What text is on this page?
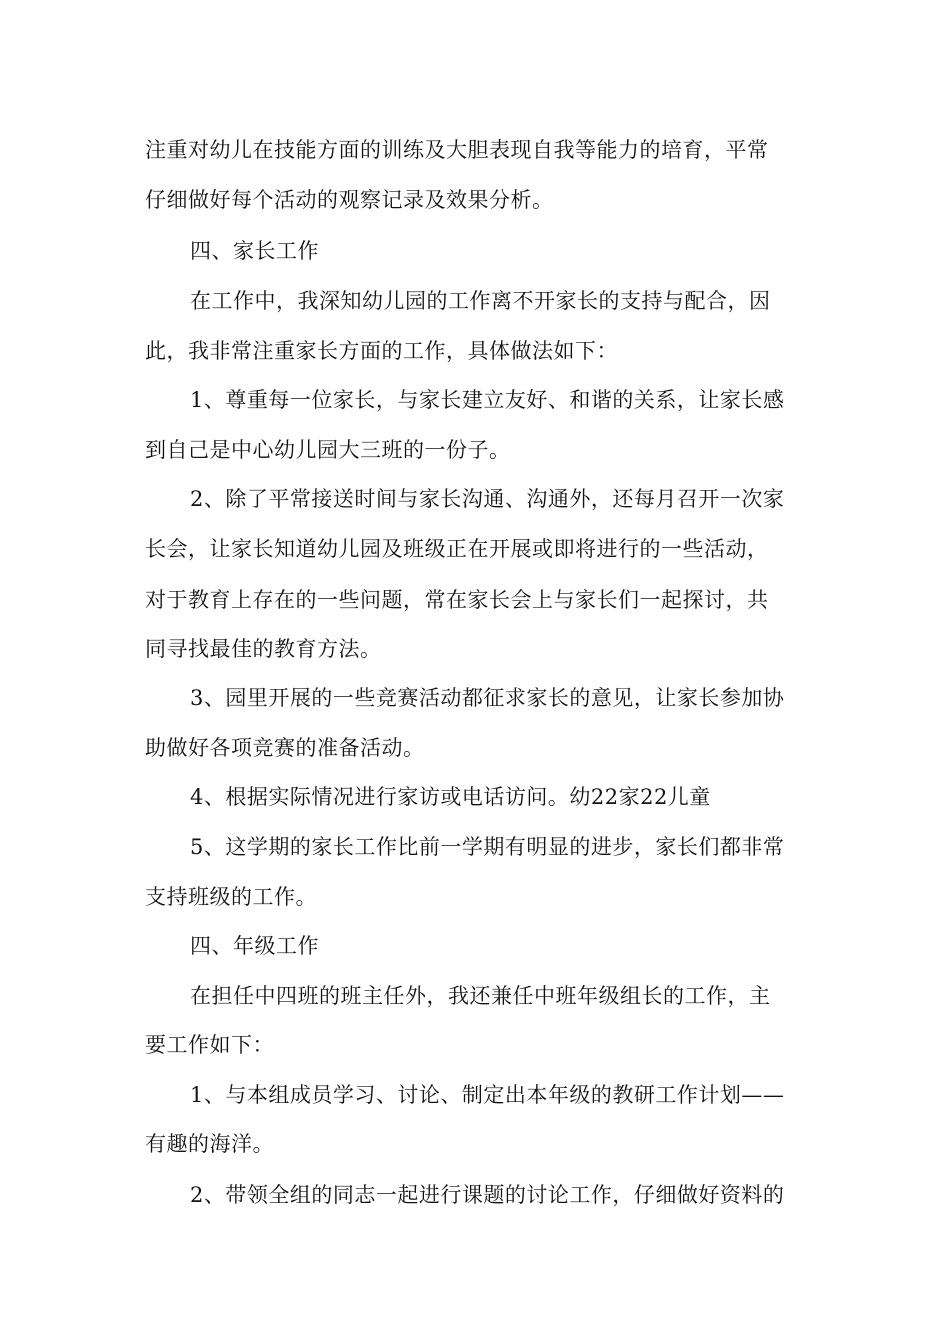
注重对幼儿在技能方面的训练及大胆表现自我等能力的培育，平常
仔细做好每个活动的观察记录及效果分析。
四、家长工作
在工作中，我深知幼儿园的工作离不开家长的支持与配合，因
此，我非常注重家长方面的工作，具体做法如下：
1、尊重每一位家长，与家长建立友好、和谐的关系，让家长感
到自己是中心幼儿园大三班的一份子。
2、除了平常接送时间与家长沟通、沟通外，还每月召开一次家
长会，让家长知道幼儿园及班级正在开展或即将进行的一些活动，
对于教育上存在的一些问题，常在家长会上与家长们一起探讨，共
同寻找最佳的教育方法。
3、园里开展的一些竞赛活动都征求家长的意见，让家长参加协
助做好各项竞赛的准备活动。
4、根据实际情况进行家访或电话访问。幼22家22儿童
5、这学期的家长工作比前一学期有明显的进步，家长们都非常
支持班级的工作。
四、年级工作
在担任中四班的班主任外，我还兼任中班年级组长的工作，主
要工作如下：
1、与本组成员学习、讨论、制定出本年级的教研工作计划——
有趣的海洋。
2、带领全组的同志一起进行课题的讨论工作，仔细做好资料的
